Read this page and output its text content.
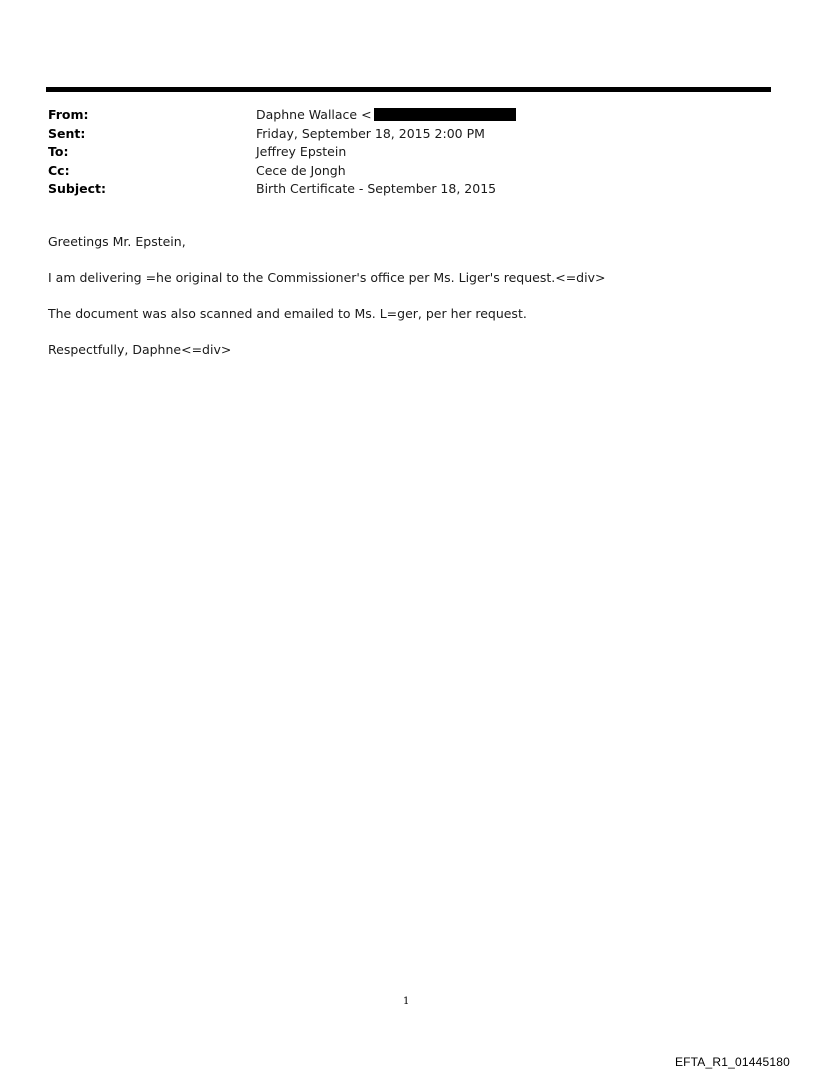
From:	Daphne Wallace <
Sent:	Friday, September 18, 2015 2:00 PM
To:	Jeffrey Epstein
Cc:	Cece de Jongh
Subject:	Birth Certificate - September 18, 2015
Greetings Mr. Epstein,
I am delivering =he original to the Commissioner's office per Ms. Liger's request.<=div>
The document was also scanned and emailed to Ms. L=ger, per her request.
Respectfully, Daphne<=div>
1
EFTA_R1_01445180
